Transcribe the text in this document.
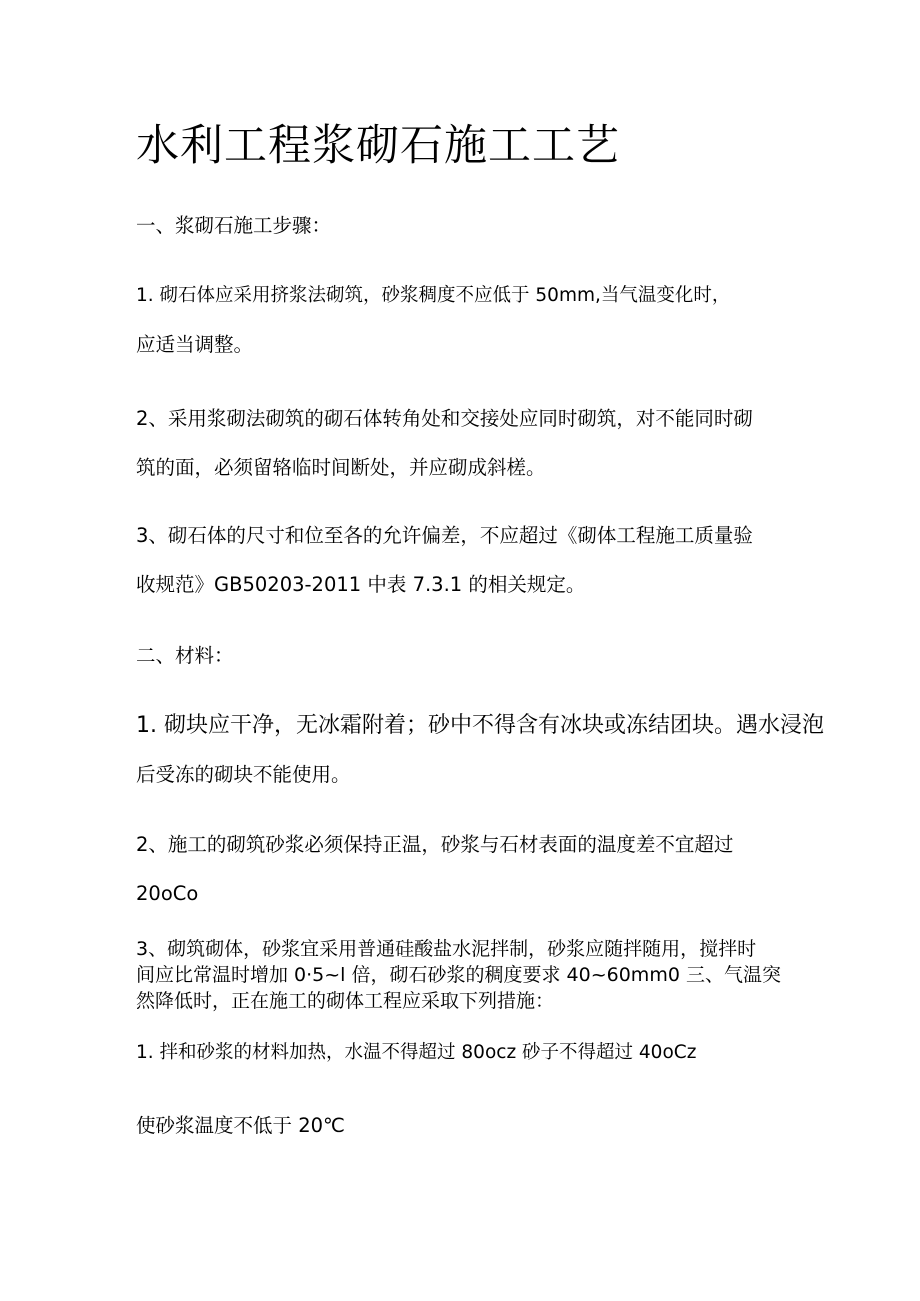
水利工程浆砌石施工工艺

一、浆砌石施工步骤：

1. 砌石体应采用挤浆法砌筑，砂浆稠度不应低于 50mm,当气温变化时，

应适当调整。

2、采用浆砌法砌筑的砌石体转角处和交接处应同时砌筑，对不能同时砌

筑的面，必须留辂临时间断处，并应砌成斜槎。

3、砌石体的尺寸和位至各的允许偏差，不应超过《砌体工程施工质量验

收规范》GB50203-2011 中表 7.3.1 的相关规定。

二、材料：

1. 砌块应干净，无冰霜附着；砂中不得含有冰块或冻结团块。遇水浸泡

后受冻的砌块不能使用。

2、施工的砌筑砂浆必须保持正温，砂浆与石材表面的温度差不宜超过

20oCo

3、砌筑砌体，砂浆宜采用普通硅酸盐水泥拌制，砂浆应随拌随用，搅拌时

间应比常温时增加 0·5~l 倍，砌石砂浆的稠度要求 40~60mm0 三、气温突

然降低时，正在施工的砌体工程应采取下列措施：

1. 拌和砂浆的材料加热，水温不得超过 80ocz 砂子不得超过 40oCz

使砂浆温度不低于 20℃
